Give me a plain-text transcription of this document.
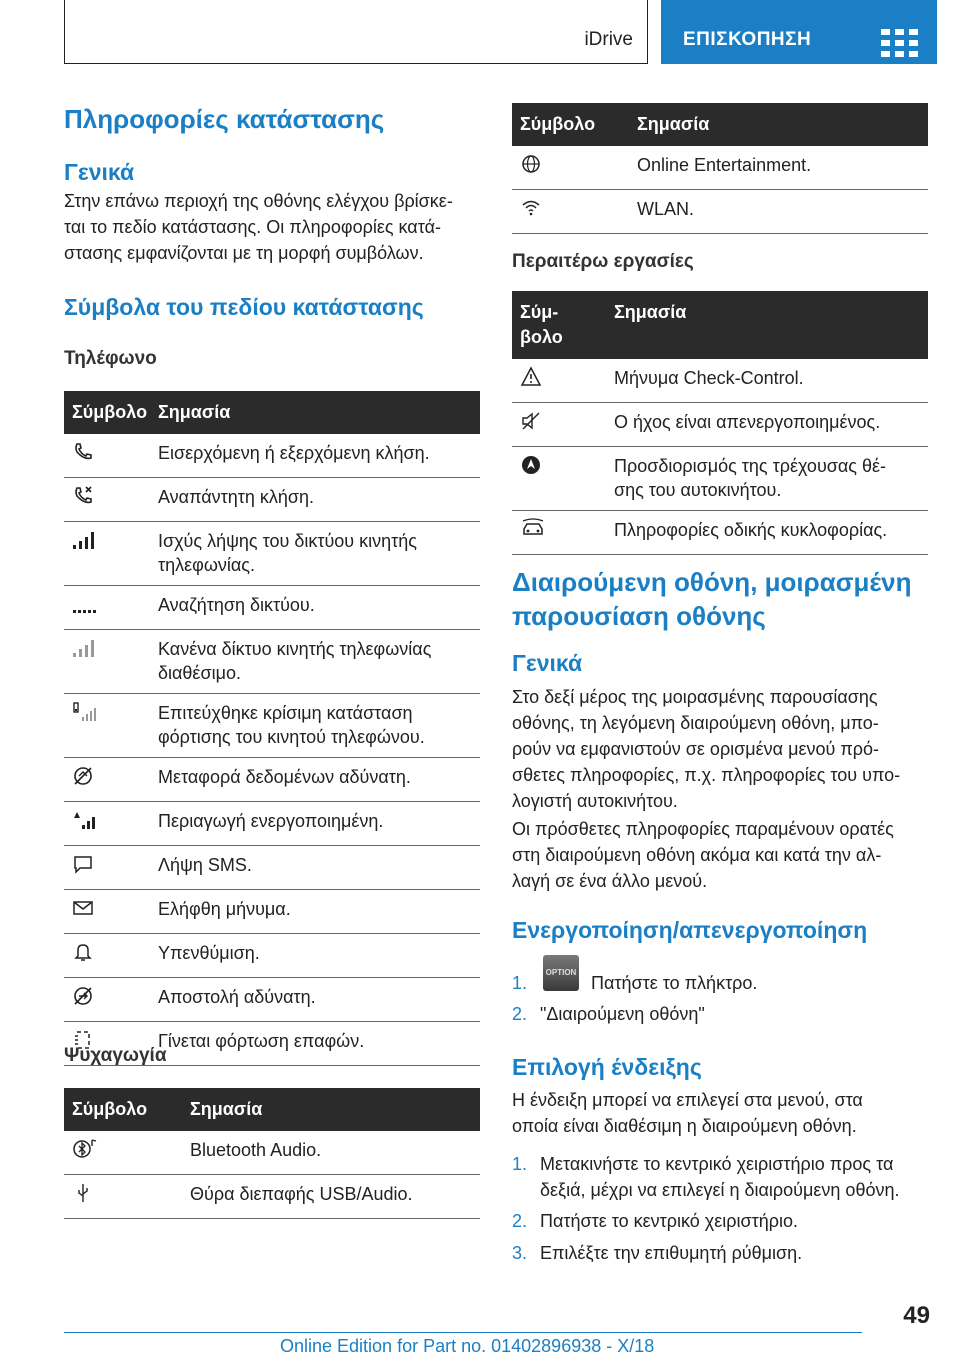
iDrive	ΕΠΙΣΚΟΠΗΣΗ
Πληροφορίες κατάστασης
Γενικά
Στην επάνω περιοχή της οθόνης ελέγχου βρίσκε‐
ται το πεδίο κατάστασης. Οι πληροφορίες κατά‐
στασης εμφανίζονται με τη μορφή συμβόλων.
Σύμβολα του πεδίου κατάστασης
Τηλέφωνο
Σύμβολο	Σημασία

	Εισερχόμενη ή εξερχόμενη κλήση.

	Αναπάντητη κλήση.

Ισχύς λήψης του δικτύου κινητής
τηλεφωνίας.

	Αναζήτηση δικτύου.

Κανένα δίκτυο κινητής τηλεφωνίας
διαθέσιμο.

Επιτεύχθηκε κρίσιμη κατάσταση
φόρτισης του κινητού τηλεφώνου.

	Μεταφορά δεδομένων αδύνατη.

	Περιαγωγή ενεργοποιημένη.

	Λήψη SMS.

	Ελήφθη μήνυμα.

	Υπενθύμιση.

	Αποστολή αδύνατη.

	Γίνεται φόρτωση επαφών.
Ψυχαγωγία
Σύμβολο	Σημασία

	Bluetooth Audio.

	Θύρα διεπαφής USB/Audio.
Σύμβολο	Σημασία

	Online Entertainment.

	WLAN.
Περαιτέρω εργασίες
Σύμ‐
βολο	Σημασία

	Μήνυμα Check-Control.

	Ο ήχος είναι απενεργοποιημένος.

Προσδιορισμός της τρέχουσας θέ‐
σης του αυτοκινήτου.

	Πληροφορίες οδικής κυκλοφορίας.
Διαιρούμενη οθόνη, μοιρασμένη
παρουσίαση οθόνης
Γενικά
Στο δεξί μέρος της μοιρασμένης παρουσίασης
οθόνης, τη λεγόμενη διαιρούμενη οθόνη, μπο‐
ρούν να εμφανιστούν σε ορισμένα μενού πρό‐
σθετες πληροφορίες, π.χ. πληροφορίες του υπο‐
λογιστή αυτοκινήτου.
Οι πρόσθετες πληροφορίες παραμένουν ορατές
στη διαιρούμενη οθόνη ακόμα και κατά την αλ‐
λαγή σε ένα άλλο μενού.
Ενεργοποίηση/απενεργοποίηση
1.
OPTION
Πατήστε το πλήκτρο.
2. "Διαιρούμενη οθόνη"
Επιλογή ένδειξης
Η ένδειξη μπορεί να επιλεγεί στα μενού, στα
οποία είναι διαθέσιμη η διαιρούμενη οθόνη.
1. Μετακινήστε το κεντρικό χειριστήριο προς τα
δεξιά, μέχρι να επιλεγεί η διαιρούμενη οθόνη.
2. Πατήστε το κεντρικό χειριστήριο.
3. Επιλέξτε την επιθυμητή ρύθμιση.
49
Online Edition for Part no. 01402896938 - X/18
